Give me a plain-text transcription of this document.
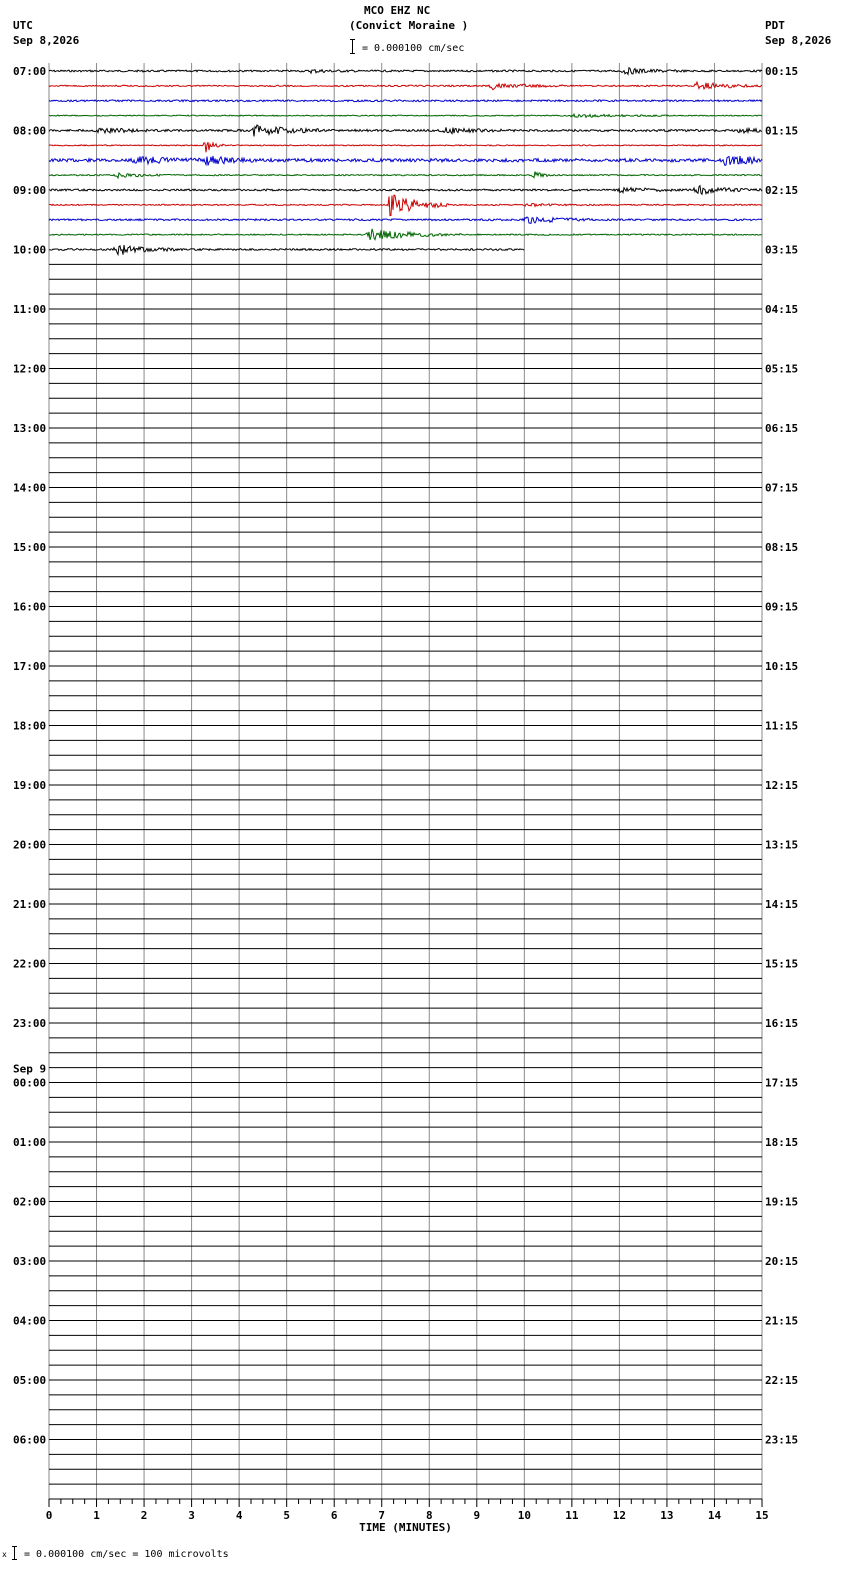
MCO EHZ NC
(Convict Moraine )
= 0.000100 cm/sec
UTC
Sep 8,2026
PDT
Sep 8,2026
0	1	2	3	4	5	6	7	8	9	10	11	12	13	14	15
TIME (MINUTES)
07:00
08:00
09:00
10:00
11:00
12:00
13:00
14:00
15:00
16:00
17:00
18:00
19:00
20:00
21:00
22:00
23:00
00:00
Sep 9
01:00
02:00
03:00
04:00
05:00
06:00
00:15
01:15
02:15
03:15
04:15
05:15
06:15
07:15
08:15
09:15
10:15
11:15
12:15
13:15
14:15
15:15
16:15
17:15
18:15
19:15
20:15
21:15
22:15
23:15
x = 0.000100 cm/sec = 100 microvolts
